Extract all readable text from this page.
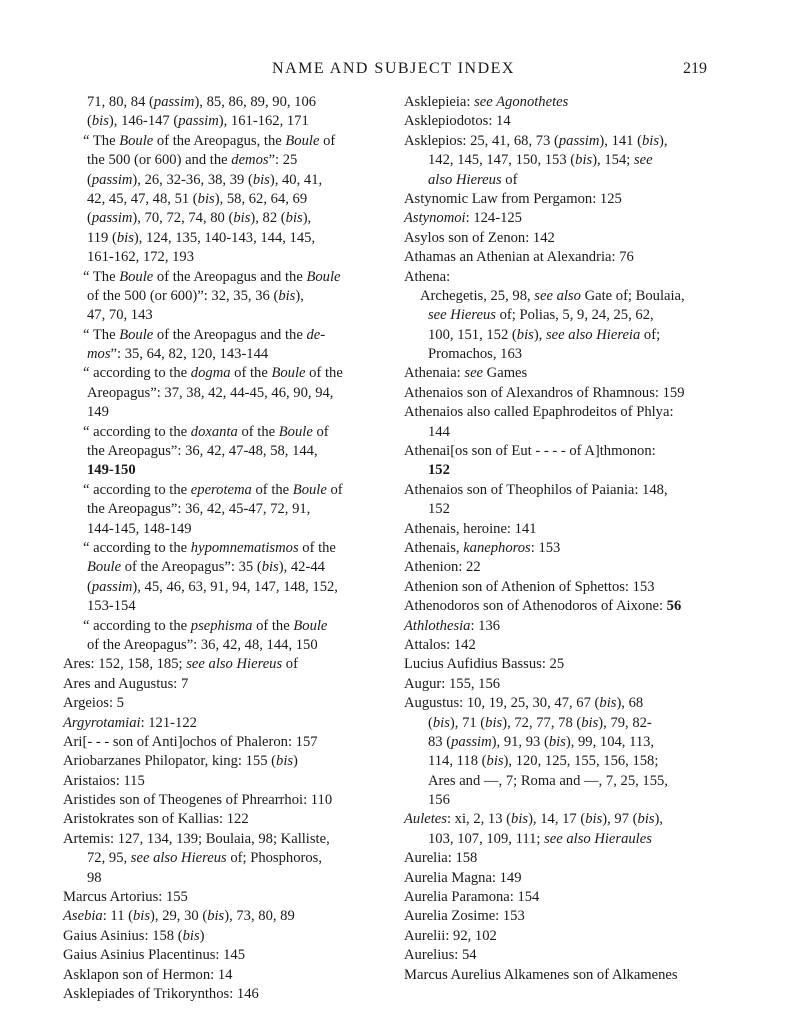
NAME AND SUBJECT INDEX	219
71, 80, 84 (passim), 85, 86, 89, 90, 106
(bis), 146-147 (passim), 161-162, 171
“ The Boule of the Areopagus, the Boule of
the 500 (or 600) and the demos”: 25
(passim), 26, 32-36, 38, 39 (bis), 40, 41,
42, 45, 47, 48, 51 (bis), 58, 62, 64, 69
(passim), 70, 72, 74, 80 (bis), 82 (bis),
119 (bis), 124, 135, 140-143, 144, 145,
161-162, 172, 193
“ The Boule of the Areopagus and the Boule
of the 500 (or 600)”: 32, 35, 36 (bis),
47, 70, 143
“ The Boule of the Areopagus and the de-
mos”: 35, 64, 82, 120, 143-144
“ according to the dogma of the Boule of the
Areopagus”: 37, 38, 42, 44-45, 46, 90, 94,
149
“ according to the doxanta of the Boule of
the Areopagus”: 36, 42, 47-48, 58, 144,
149-150
“ according to the eperotema of the Boule of
the Areopagus”: 36, 42, 45-47, 72, 91,
144-145, 148-149
“ according to the hypomnematismos of the
Boule of the Areopagus”: 35 (bis), 42-44
(passim), 45, 46, 63, 91, 94, 147, 148, 152,
153-154
“ according to the psephisma of the Boule
of the Areopagus”: 36, 42, 48, 144, 150
Ares: 152, 158, 185; see also Hiereus of
Ares and Augustus: 7
Argeios: 5
Argyrotamiai: 121-122
Ari[- - - son of Anti]ochos of Phaleron: 157
Ariobarzanes Philopator, king: 155 (bis)
Aristaios: 115
Aristides son of Theogenes of Phrearrhoi: 110
Aristokrates son of Kallias: 122
Artemis: 127, 134, 139; Boulaia, 98; Kalliste,
72, 95, see also Hiereus of; Phosphoros,
98
Marcus Artorius: 155
Asebia: 11 (bis), 29, 30 (bis), 73, 80, 89
Gaius Asinius: 158 (bis)
Gaius Asinius Placentinus: 145
Asklapon son of Hermon: 14
Asklepiades of Trikorynthos: 146
Asklepieia: see Agonothetes
Asklepiodotos: 14
Asklepios: 25, 41, 68, 73 (passim), 141 (bis),
142, 145, 147, 150, 153 (bis), 154; see
also Hiereus of
Astynomic Law from Pergamon: 125
Astynomoi: 124-125
Asylos son of Zenon: 142
Athamas an Athenian at Alexandria: 76
Athena:
Archegetis, 25, 98, see also Gate of; Boulaia,
see Hiereus of; Polias, 5, 9, 24, 25, 62,
100, 151, 152 (bis), see also Hiereia of;
Promachos, 163
Athenaia: see Games
Athenaios son of Alexandros of Rhamnous: 159
Athenaios also called Epaphrodeitos of Phlya:
144
Athenai[os son of Eut - - - - of A]thmonon:
152
Athenaios son of Theophilos of Paiania: 148,
152
Athenais, heroine: 141
Athenais, kanephoros: 153
Athenion: 22
Athenion son of Athenion of Sphettos: 153
Athenodoros son of Athenodoros of Aixone: 56
Athlothesia: 136
Attalos: 142
Lucius Aufidius Bassus: 25
Augur: 155, 156
Augustus: 10, 19, 25, 30, 47, 67 (bis), 68
(bis), 71 (bis), 72, 77, 78 (bis), 79, 82-
83 (passim), 91, 93 (bis), 99, 104, 113,
114, 118 (bis), 120, 125, 155, 156, 158;
Ares and —, 7; Roma and —, 7, 25, 155,
156
Auletes: xi, 2, 13 (bis), 14, 17 (bis), 97 (bis),
103, 107, 109, 111; see also Hieraules
Aurelia: 158
Aurelia Magna: 149
Aurelia Paramona: 154
Aurelia Zosime: 153
Aurelii: 92, 102
Aurelius: 54
Marcus Aurelius Alkamenes son of Alkamenes
